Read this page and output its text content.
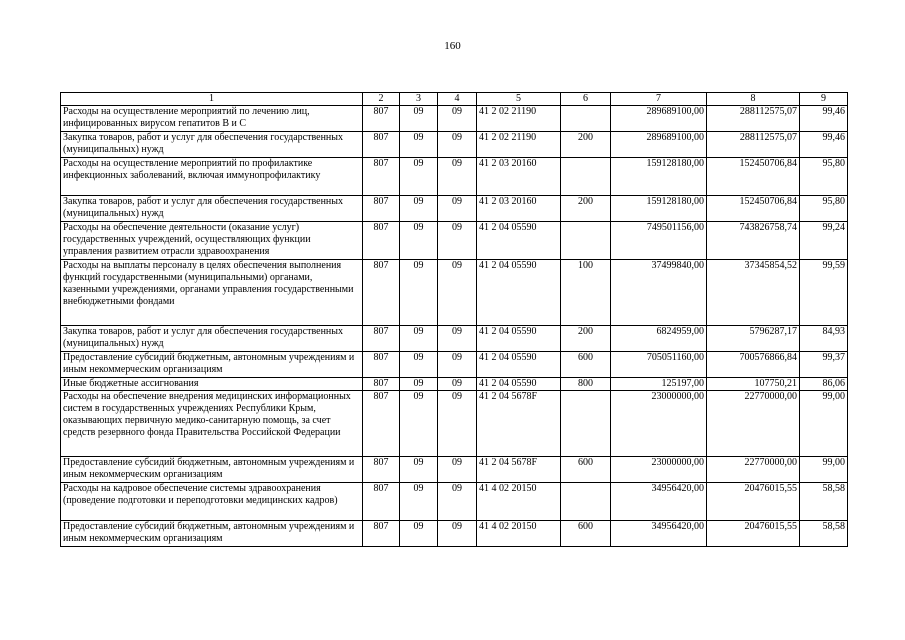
160
1	2	3	4	5	6	7	8	9
Расходы на осуществление мероприятий по лечению лиц, инфицированных вирусом гепатитов В и С	807	09	09	41 2 02 21190		289689100,00	288112575,07	99,46
Закупка товаров, работ и услуг для обеспечения государственных (муниципальных) нужд	807	09	09	41 2 02 21190	200	289689100,00	288112575,07	99,46
Расходы на осуществление мероприятий по профилактике инфекционных заболеваний, включая иммунопрофилактику	807	09	09	41 2 03 20160		159128180,00	152450706,84	95,80
Закупка товаров, работ и услуг для обеспечения государственных (муниципальных) нужд	807	09	09	41 2 03 20160	200	159128180,00	152450706,84	95,80
Расходы на обеспечение деятельности (оказание услуг) государственных учреждений, осуществляющих функции управления развитием отрасли здравоохранения	807	09	09	41 2 04 05590		749501156,00	743826758,74	99,24
Расходы на выплаты персоналу в целях обеспечения выполнения функций государственными (муниципальными) органами, казенными учреждениями, органами управления государственными внебюджетными фондами	807	09	09	41 2 04 05590	100	37499840,00	37345854,52	99,59
Закупка товаров, работ и услуг для обеспечения государственных (муниципальных) нужд	807	09	09	41 2 04 05590	200	6824959,00	5796287,17	84,93
Предоставление субсидий бюджетным, автономным учреждениям и иным некоммерческим организациям	807	09	09	41 2 04 05590	600	705051160,00	700576866,84	99,37
Иные бюджетные ассигнования	807	09	09	41 2 04 05590	800	125197,00	107750,21	86,06
Расходы на обеспечение внедрения медицинских информационных систем в государственных учреждениях Республики Крым, оказывающих первичную медико-санитарную помощь, за счет средств резервного фонда Правительства Российской Федерации	807	09	09	41 2 04 5678F		23000000,00	22770000,00	99,00
Предоставление субсидий бюджетным, автономным учреждениям и иным некоммерческим организациям	807	09	09	41 2 04 5678F	600	23000000,00	22770000,00	99,00
Расходы на кадровое обеспечение системы здравоохранения (проведение подготовки и переподготовки медицинских кадров)	807	09	09	41 4 02 20150		34956420,00	20476015,55	58,58
Предоставление субсидий бюджетным, автономным учреждениям и иным некоммерческим организациям	807	09	09	41 4 02 20150	600	34956420,00	20476015,55	58,58
